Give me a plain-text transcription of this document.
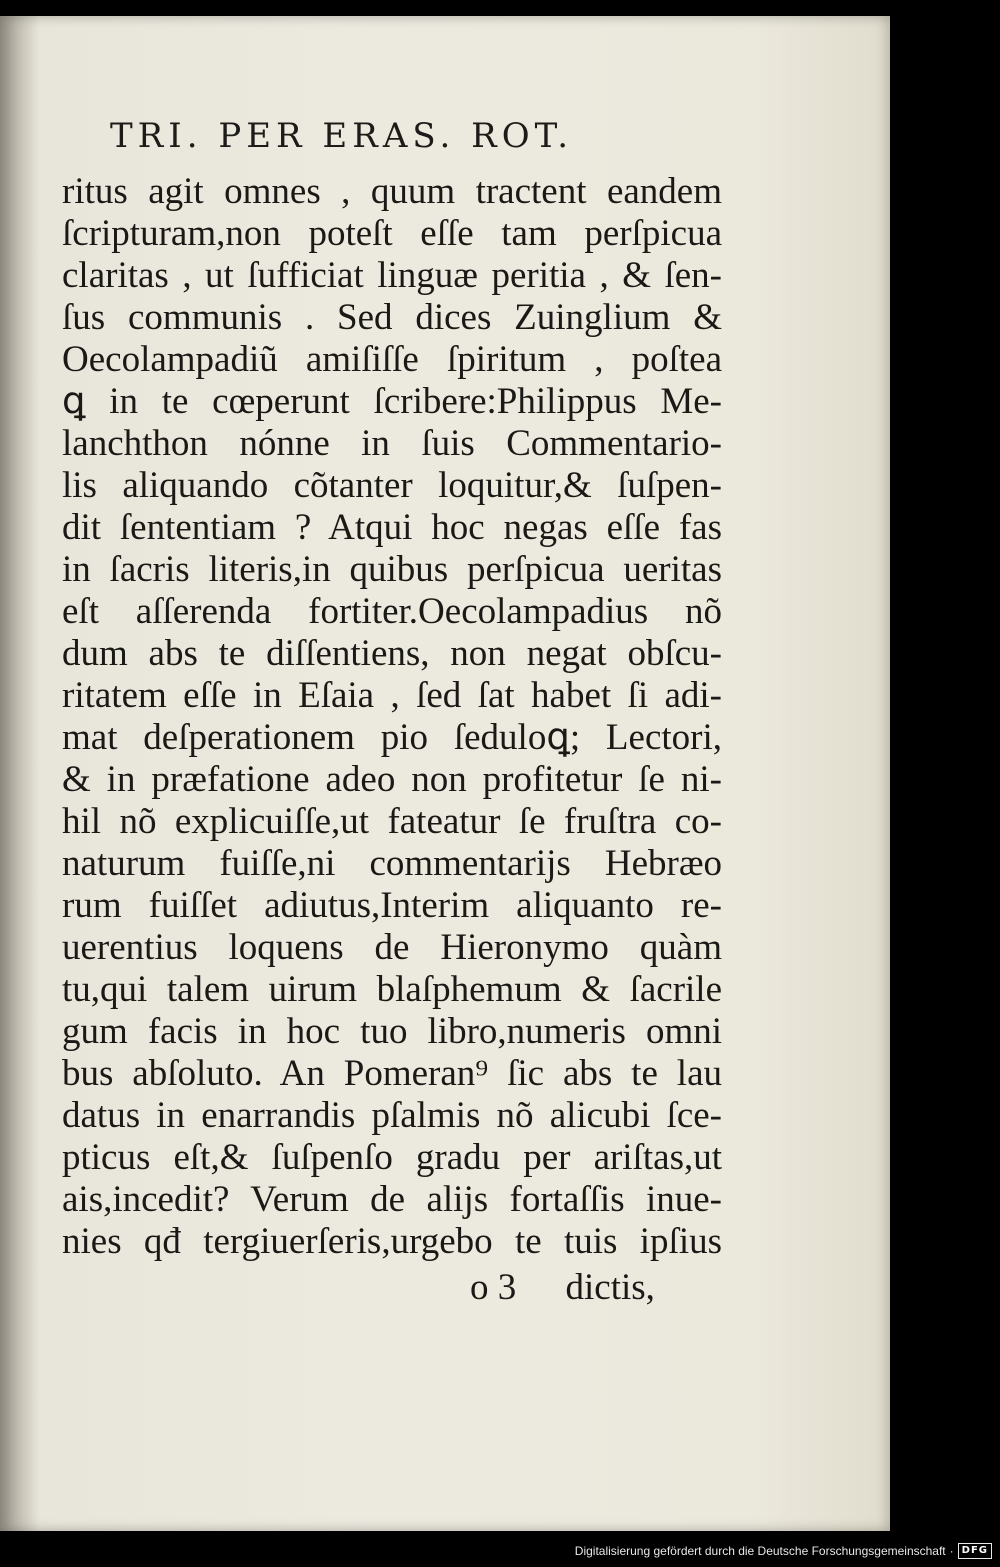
TRI. PER ERAS. ROT.
ritus agit omnes , quum tractent eandem
ſcripturam,non poteſt eſſe tam perſpicua
claritas , ut ſufficiat linguæ peritia , & ſen-
ſus communis . Sed dices Zuinglium &
Oecolampadiũ amiſiſſe ſpiritum , poſtea
ꝗ in te cœperunt ſcribere:Philippus Me-
lanchthon nónne in ſuis Commentario-
lis aliquando cõtanter loquitur,& ſuſpen-
dit ſententiam ? Atqui hoc negas eſſe fas
in ſacris literis,in quibus perſpicua ueritas
eſt aſſerenda fortiter.Oecolampadius nõ
dum abs te diſſentiens, non negat obſcu-
ritatem eſſe in Eſaia , ſed ſat habet ſi adi-
mat deſperationem pio ſeduloꝗ; Lectori,
& in præfatione adeo non profitetur ſe ni-
hil nõ explicuiſſe,ut fateatur ſe fruſtra co-
naturum fuiſſe,ni commentarijs Hebræo
rum fuiſſet adiutus,Interim aliquanto re-
uerentius loquens de Hieronymo quàm
tu,qui talem uirum blaſphemum & ſacrile
gum facis in hoc tuo libro,numeris omni
bus abſoluto. An Pomeran⁹ ſic abs te lau
datus in enarrandis pſalmis nõ alicubi ſce-
pticus eſt,& ſuſpenſo gradu per ariſtas,ut
ais,incedit? Verum de alijs fortaſſis inue-
nies qđ tergiuerſeris,urgebo te tuis ipſius
o 3 dictis,
Digitalisierung gefördert durch die Deutsche Forschungsgemeinschaft · DFG
